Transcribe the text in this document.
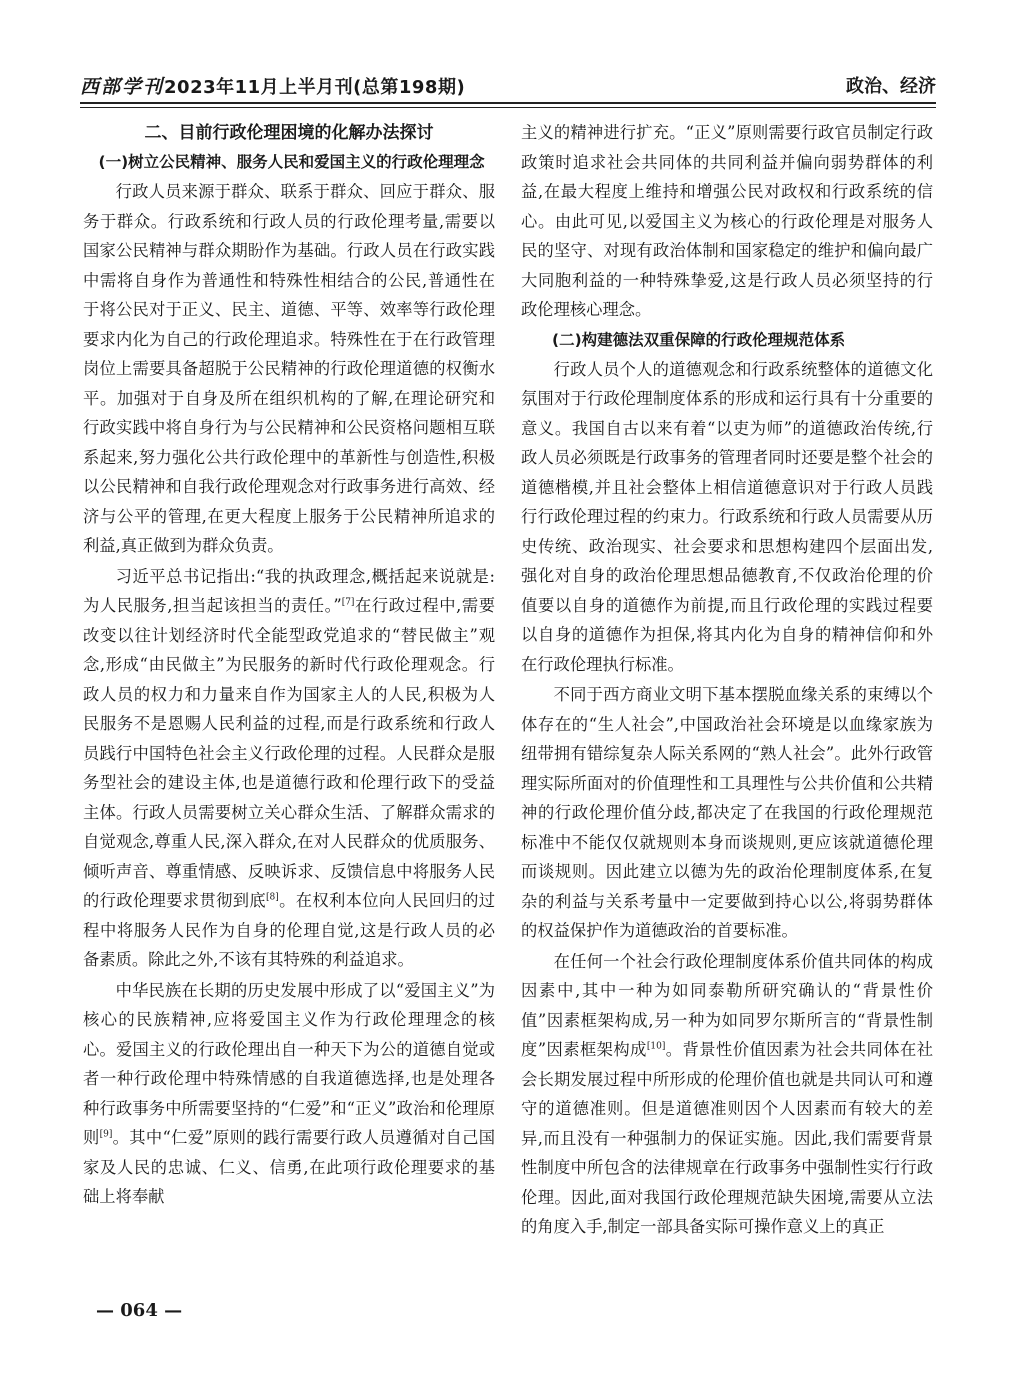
西部学刊2023年11月上半月刊(总第198期)	政治、经济
二、目前行政伦理困境的化解办法探讨
(一)树立公民精神、服务人民和爱国主义的行政伦理理念

行政人员来源于群众、联系于群众、回应于群众、服务于群众。行政系统和行政人员的行政伦理考量,需要以国家公民精神与群众期盼作为基础。行政人员在行政实践中需将自身作为普通性和特殊性相结合的公民,普通性在于将公民对于正义、民主、道德、平等、效率等行政伦理要求内化为自己的行政伦理追求。特殊性在于在行政管理岗位上需要具备超脱于公民精神的行政伦理道德的权衡水平。加强对于自身及所在组织机构的了解,在理论研究和行政实践中将自身行为与公民精神和公民资格问题相互联系起来,努力强化公共行政伦理中的革新性与创造性,积极以公民精神和自我行政伦理观念对行政事务进行高效、经济与公平的管理,在更大程度上服务于公民精神所追求的利益,真正做到为群众负责。

习近平总书记指出:“我的执政理念,概括起来说就是:为人民服务,担当起该担当的责任。”[7]在行政过程中,需要改变以往计划经济时代全能型政党追求的“替民做主”观念,形成“由民做主”为民服务的新时代行政伦理观念。行政人员的权力和力量来自作为国家主人的人民,积极为人民服务不是恩赐人民利益的过程,而是行政系统和行政人员践行中国特色社会主义行政伦理的过程。人民群众是服务型社会的建设主体,也是道德行政和伦理行政下的受益主体。行政人员需要树立关心群众生活、了解群众需求的自觉观念,尊重人民,深入群众,在对人民群众的优质服务、倾听声音、尊重情感、反映诉求、反馈信息中将服务人民的行政伦理要求贯彻到底[8]。在权利本位向人民回归的过程中将服务人民作为自身的伦理自觉,这是行政人员的必备素质。除此之外,不该有其特殊的利益追求。

中华民族在长期的历史发展中形成了以“爱国主义”为核心的民族精神,应将爱国主义作为行政伦理理念的核心。爱国主义的行政伦理出自一种天下为公的道德自觉或者一种行政伦理中特殊情感的自我道德选择,也是处理各种行政事务中所需要坚持的“仁爱”和“正义”政治和伦理原则[9]。其中“仁爱”原则的践行需要行政人员遵循对自己国家及人民的忠诚、仁义、信勇,在此项行政伦理要求的基础上将奉献

主义的精神进行扩充。“正义”原则需要行政官员制定行政政策时追求社会共同体的共同利益并偏向弱势群体的利益,在最大程度上维持和增强公民对政权和行政系统的信心。由此可见,以爱国主义为核心的行政伦理是对服务人民的坚守、对现有政治体制和国家稳定的维护和偏向最广大同胞利益的一种特殊挚爱,这是行政人员必须坚持的行政伦理核心理念。

(二)构建德法双重保障的行政伦理规范体系

行政人员个人的道德观念和行政系统整体的道德文化氛围对于行政伦理制度体系的形成和运行具有十分重要的意义。我国自古以来有着“以吏为师”的道德政治传统,行政人员必须既是行政事务的管理者同时还要是整个社会的道德楷模,并且社会整体上相信道德意识对于行政人员践行行政伦理过程的约束力。行政系统和行政人员需要从历史传统、政治现实、社会要求和思想构建四个层面出发,强化对自身的政治伦理思想品德教育,不仅政治伦理的价值要以自身的道德作为前提,而且行政伦理的实践过程要以自身的道德作为担保,将其内化为自身的精神信仰和外在行政伦理执行标准。

不同于西方商业文明下基本摆脱血缘关系的束缚以个体存在的“生人社会”,中国政治社会环境是以血缘家族为纽带拥有错综复杂人际关系网的“熟人社会”。此外行政管理实际所面对的价值理性和工具理性与公共价值和公共精神的行政伦理价值分歧,都决定了在我国的行政伦理规范标准中不能仅仅就规则本身而谈规则,更应该就道德伦理而谈规则。因此建立以德为先的政治伦理制度体系,在复杂的利益与关系考量中一定要做到持心以公,将弱势群体的权益保护作为道德政治的首要标准。

在任何一个社会行政伦理制度体系价值共同体的构成因素中,其中一种为如同泰勒所研究确认的“背景性价值”因素框架构成,另一种为如同罗尔斯所言的“背景性制度”因素框架构成[10]。背景性价值因素为社会共同体在社会长期发展过程中所形成的伦理价值也就是共同认可和遵守的道德准则。但是道德准则因个人因素而有较大的差异,而且没有一种强制力的保证实施。因此,我们需要背景性制度中所包含的法律规章在行政事务中强制性实行行政伦理。因此,面对我国行政伦理规范缺失困境,需要从立法的角度入手,制定一部具备实际可操作意义上的真正

— 064 —
